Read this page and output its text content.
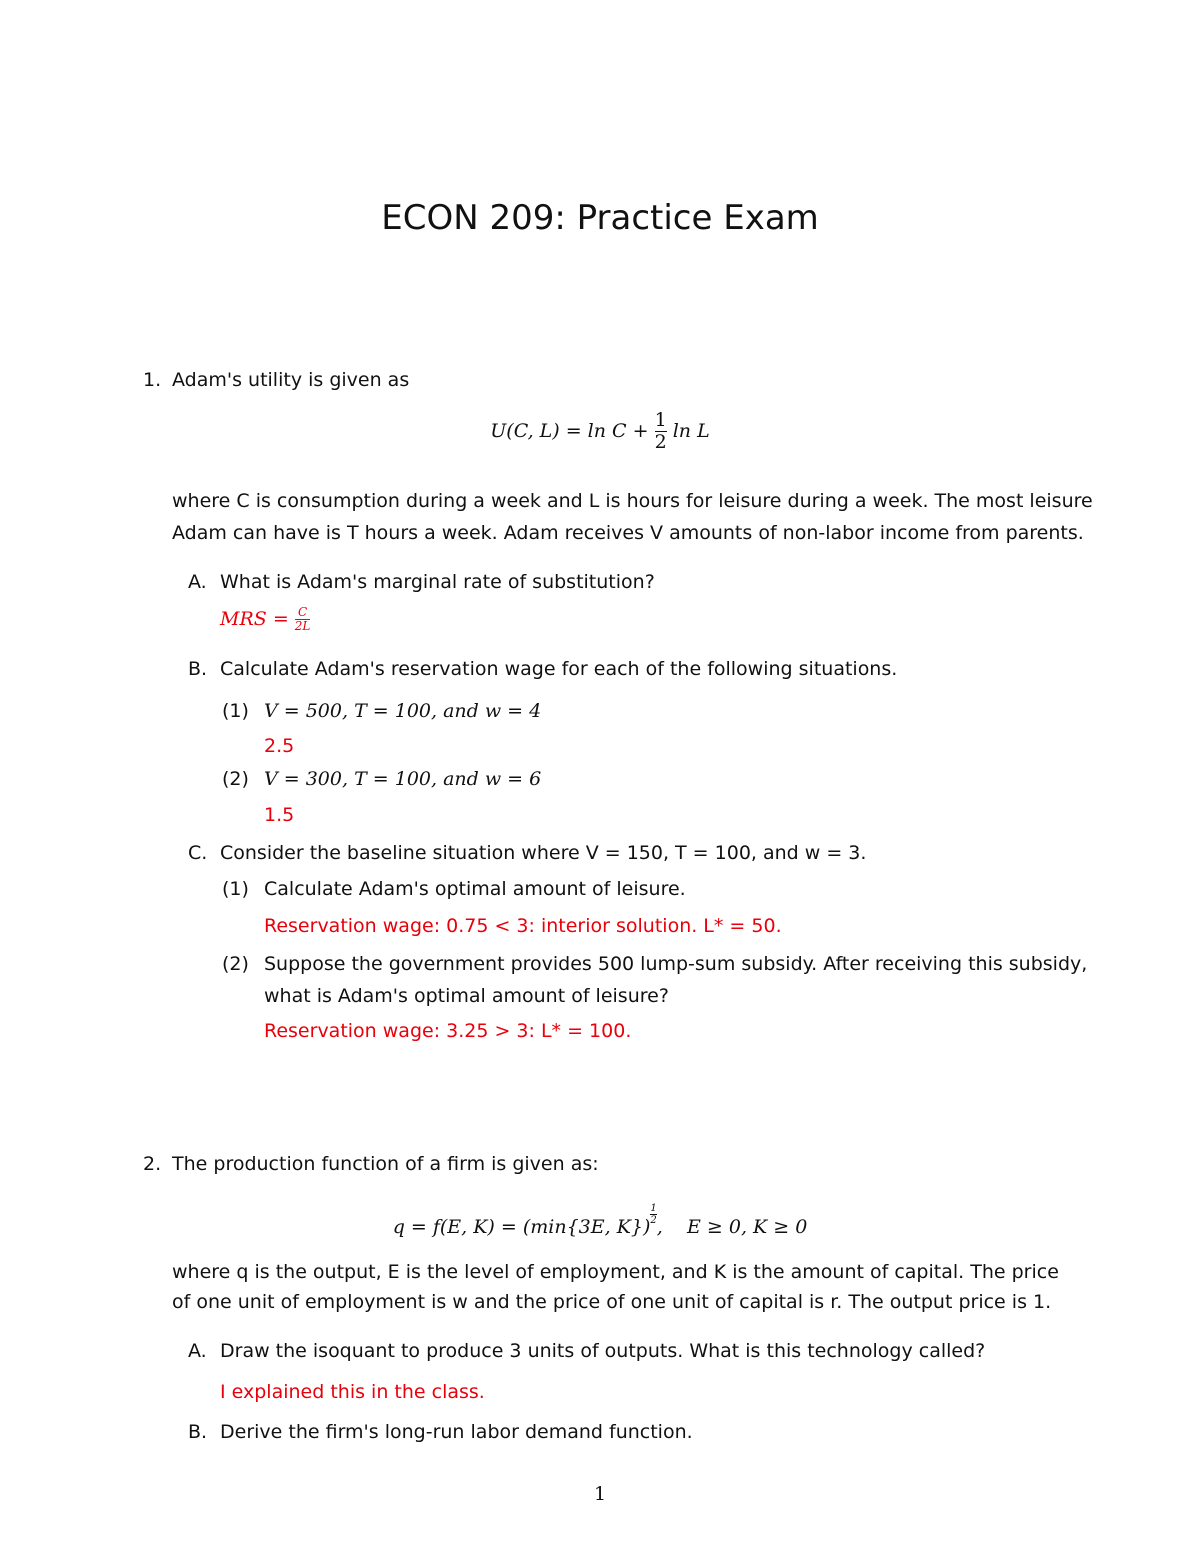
ECON 209: Practice Exam
1. Adam's utility is given as
U(C, $L) = \ln C + \frac{1}{2}$ ln L
where C is consumption during a week and L is hours for leisure during a week. The most leisure
Adam can have is T hours a week. Adam receives V amounts of non-labor income from parents.
A. What is Adam's marginal rate of substitution?
MRS = $\frac{C}{2L}$
B. Calculate Adam's reservation wage for each of the following situations.
(1) V = 500, T = 100, and w = 4
2.5
(2) V = 300, T = 100, and w = 6
1.5
C. Consider the baseline situation where V = 150, T = 100, and w = 3.
(1) Calculate Adam's optimal amount of leisure.
Reservation wage: 0.75 < 3: interior solution. L* = 50.
(2) Suppose the government provides 500 lump-sum subsidy. After receiving this subsidy,
what is Adam's optimal amount of leisure?
Reservation wage: 3.25 > 3: L* = 100.
2. The production function of a firm is given as:
q = f(E, K) = (min{3E, K})
$\frac{1}{2}$
,    E ≥ 0, K ≥ 0
where q is the output, E is the level of employment, and K is the amount of capital. The price
of one unit of employment is w and the price of one unit of capital is r. The output price is 1.
A. Draw the isoquant to produce 3 units of outputs. What is this technology called?
I explained this in the class.
B. Derive the firm's long-run labor demand function.
1
